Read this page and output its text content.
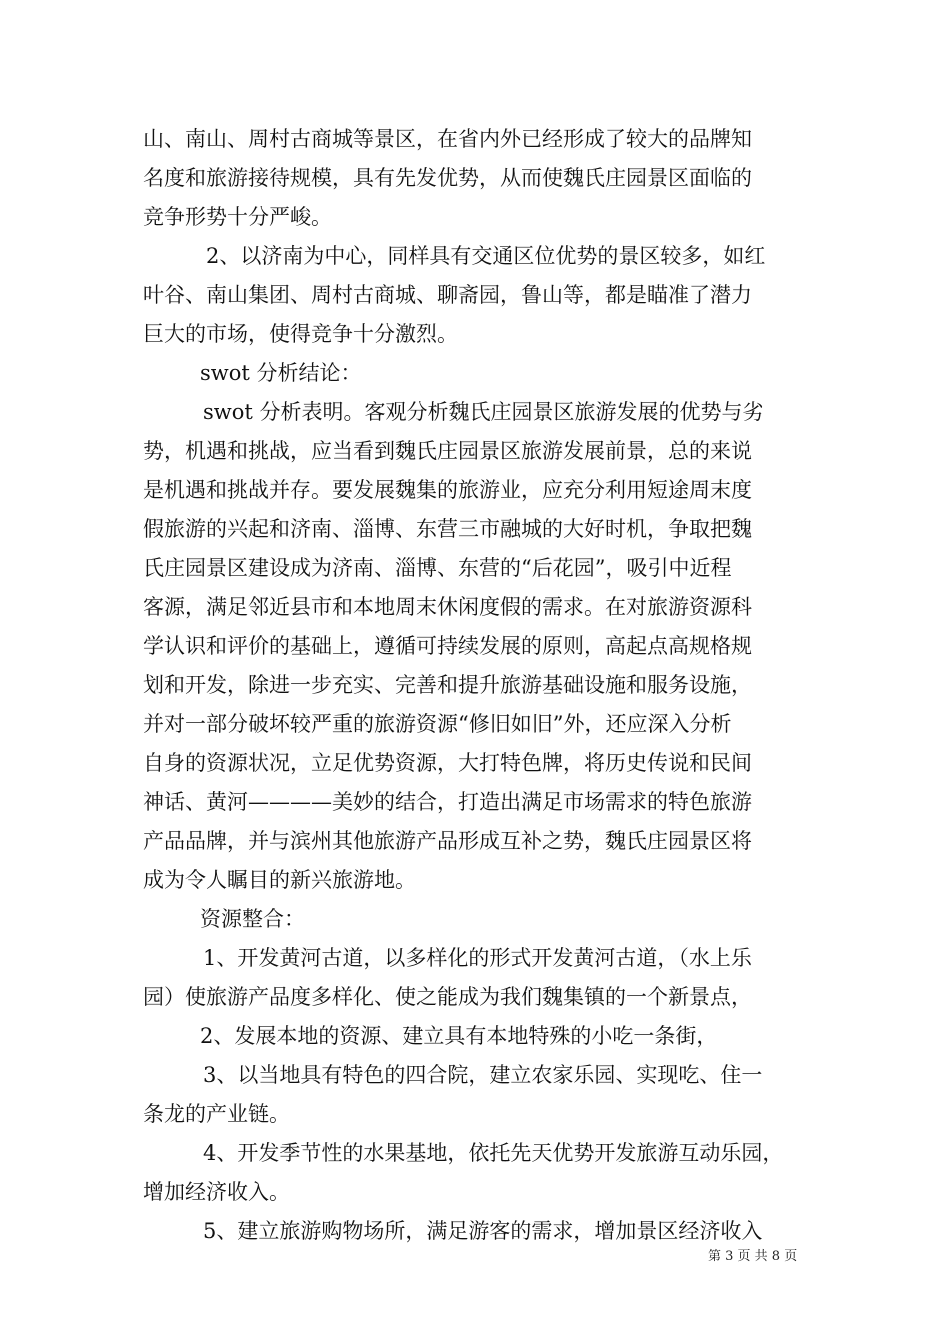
山、南山、周村古商城等景区，在省内外已经形成了较大的品牌知
名度和旅游接待规模，具有先发优势，从而使魏氏庄园景区面临的
竞争形势十分严峻。
2、以济南为中心，同样具有交通区位优势的景区较多，如红
叶谷、南山集团、周村古商城、聊斋园，鲁山等，都是瞄准了潜力
巨大的市场，使得竞争十分激烈。
swot 分析结论：
swot 分析表明。客观分析魏氏庄园景区旅游发展的优势与劣
势，机遇和挑战，应当看到魏氏庄园景区旅游发展前景，总的来说
是机遇和挑战并存。要发展魏集的旅游业，应充分利用短途周末度
假旅游的兴起和济南、淄博、东营三市融城的大好时机，争取把魏
氏庄园景区建设成为济南、淄博、东营的“后花园”，吸引中近程
客源，满足邻近县市和本地周末休闲度假的需求。在对旅游资源科
学认识和评价的基础上，遵循可持续发展的原则，高起点高规格规
划和开发，除进一步充实、完善和提升旅游基础设施和服务设施，
并对一部分破坏较严重的旅游资源“修旧如旧”外，还应深入分析
自身的资源状况，立足优势资源，大打特色牌，将历史传说和民间
神话、黄河————美妙的结合，打造出满足市场需求的特色旅游
产品品牌，并与滨州其他旅游产品形成互补之势，魏氏庄园景区将
成为令人瞩目的新兴旅游地。
资源整合：
1、开发黄河古道，以多样化的形式开发黄河古道，（水上乐
园）使旅游产品度多样化、使之能成为我们魏集镇的一个新景点，
2、发展本地的资源、建立具有本地特殊的小吃一条街，
3、以当地具有特色的四合院，建立农家乐园、实现吃、住一
条龙的产业链。
4、开发季节性的水果基地，依托先天优势开发旅游互动乐园，
增加经济收入。
5、建立旅游购物场所，满足游客的需求，增加景区经济收入
第 3 页 共 8 页
